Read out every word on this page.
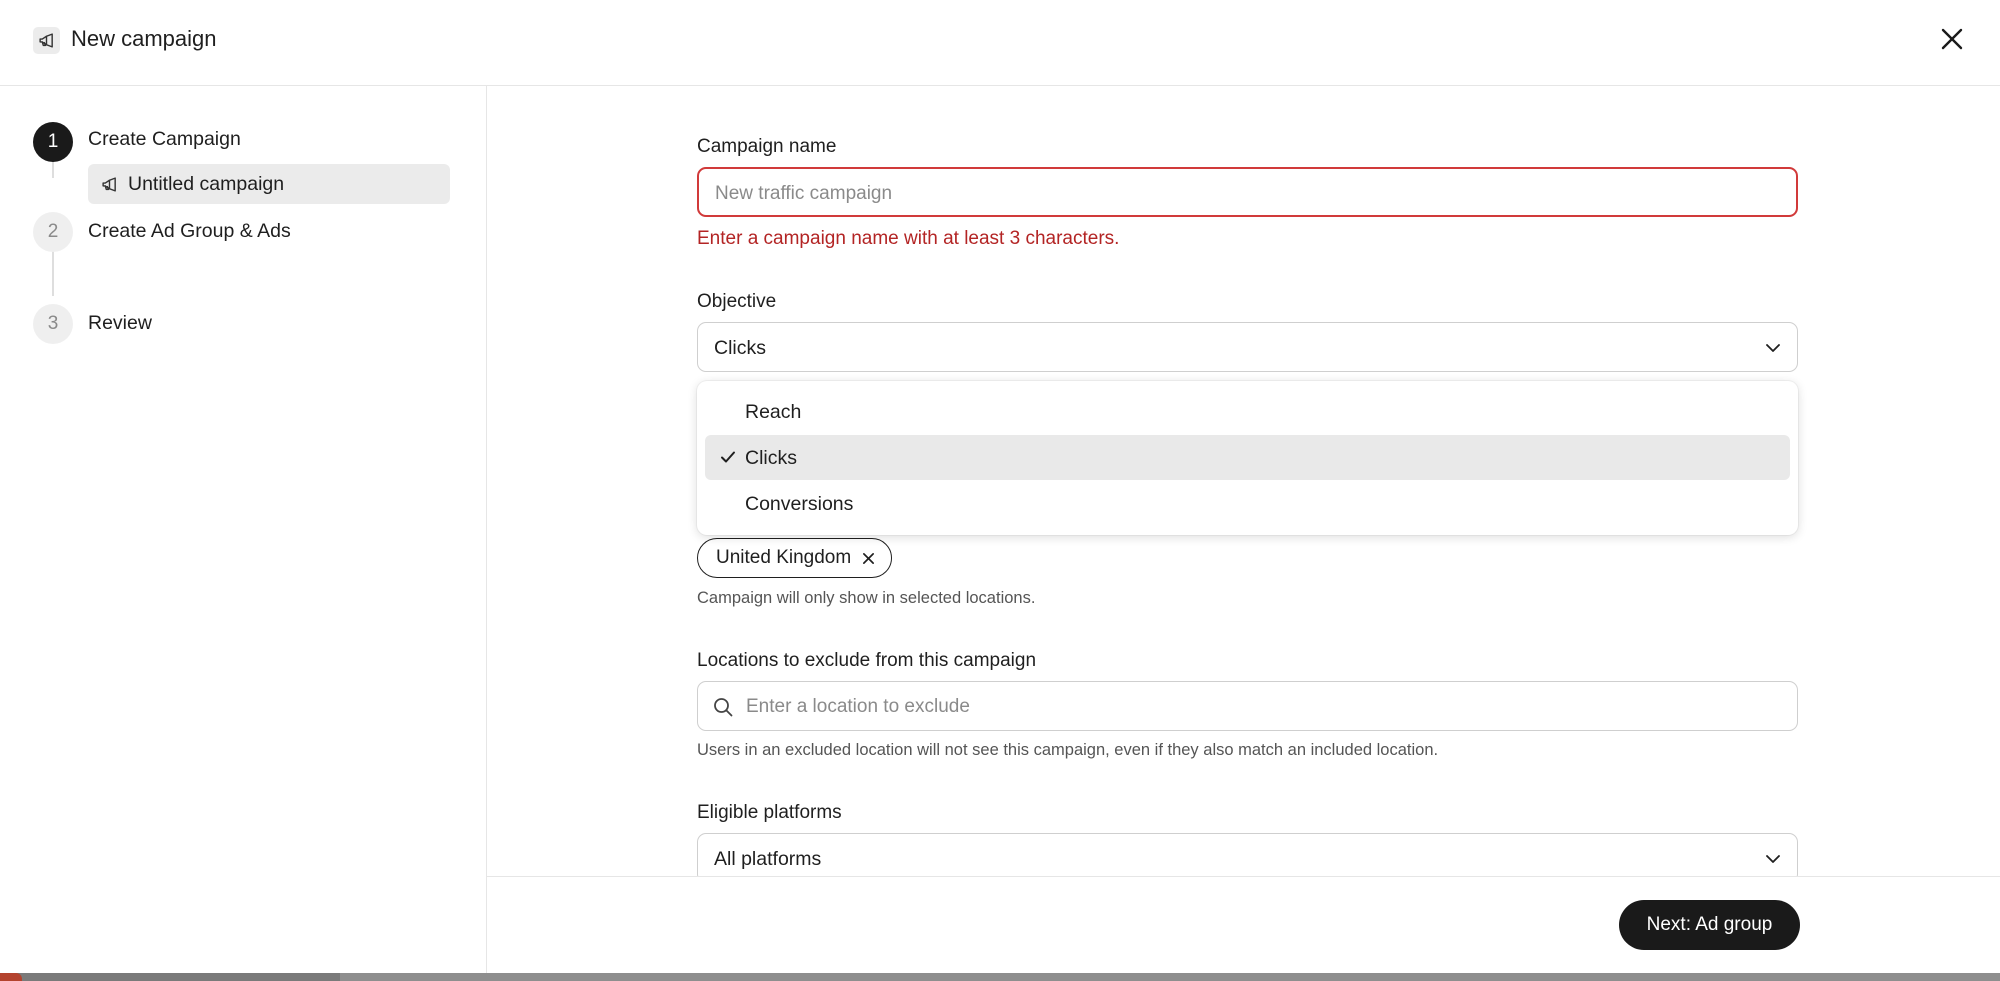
New campaign
1	Create Campaign
Untitled campaign
2	Create Ad Group & Ads
3	Review
Campaign name
New traffic campaign
Enter a campaign name with at least 3 characters.
Objective
Clicks
United Kingdom
Campaign will only show in selected locations.
Locations to exclude from this campaign
Enter a location to exclude
Users in an excluded location will not see this campaign, even if they also match an included location.
Eligible platforms
All platforms
Next: Ad group
Reach
Clicks
Conversions
